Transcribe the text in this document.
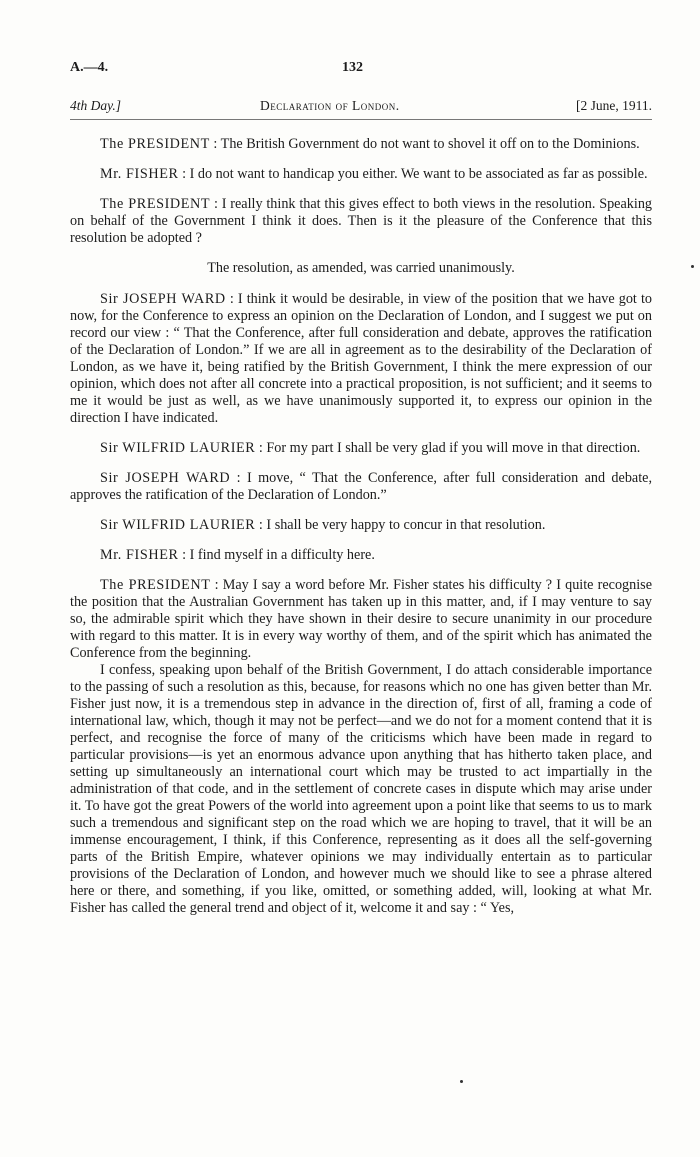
A.—4.	132
4th Day.]	Declaration of London.	[2 June, 1911.

The PRESIDENT : The British Government do not want to shovel it off on to the Dominions.

Mr. FISHER : I do not want to handicap you either. We want to be associated as far as possible.

The PRESIDENT : I really think that this gives effect to both views in the resolution. Speaking on behalf of the Government I think it does. Then is it the pleasure of the Conference that this resolution be adopted ?

The resolution, as amended, was carried unanimously.

Sir JOSEPH WARD : I think it would be desirable, in view of the position that we have got to now, for the Conference to express an opinion on the Declaration of London, and I suggest we put on record our view : “ That the Conference, after full consideration and debate, approves the ratification of the Declaration of London.” If we are all in agreement as to the desirability of the Declaration of London, as we have it, being ratified by the British Government, I think the mere expression of our opinion, which does not after all concrete into a practical proposition, is not sufficient; and it seems to me it would be just as well, as we have unanimously supported it, to express our opinion in the direction I have indicated.

Sir WILFRID LAURIER : For my part I shall be very glad if you will move in that direction.

Sir JOSEPH WARD : I move, “ That the Conference, after full consideration and debate, approves the ratification of the Declaration of London.”

Sir WILFRID LAURIER : I shall be very happy to concur in that resolution.

Mr. FISHER : I find myself in a difficulty here.

The PRESIDENT : May I say a word before Mr. Fisher states his difficulty ? I quite recognise the position that the Australian Government has taken up in this matter, and, if I may venture to say so, the admirable spirit which they have shown in their desire to secure unanimity in our procedure with regard to this matter. It is in every way worthy of them, and of the spirit which has animated the Conference from the beginning.

I confess, speaking upon behalf of the British Government, I do attach considerable importance to the passing of such a resolution as this, because, for reasons which no one has given better than Mr. Fisher just now, it is a tremendous step in advance in the direction of, first of all, framing a code of international law, which, though it may not be perfect—and we do not for a moment contend that it is perfect, and recognise the force of many of the criticisms which have been made in regard to particular provisions—is yet an enormous advance upon anything that has hitherto taken place, and setting up simultaneously an international court which may be trusted to act impartially in the administration of that code, and in the settlement of concrete cases in dispute which may arise under it. To have got the great Powers of the world into agreement upon a point like that seems to us to mark such a tremendous and significant step on the road which we are hoping to travel, that it will be an immense encouragement, I think, if this Conference, representing as it does all the self-governing parts of the British Empire, whatever opinions we may individually entertain as to particular provisions of the Declaration of London, and however much we should like to see a phrase altered here or there, and something, if you like, omitted, or something added, will, looking at what Mr. Fisher has called the general trend and object of it, welcome it and say : “ Yes,
